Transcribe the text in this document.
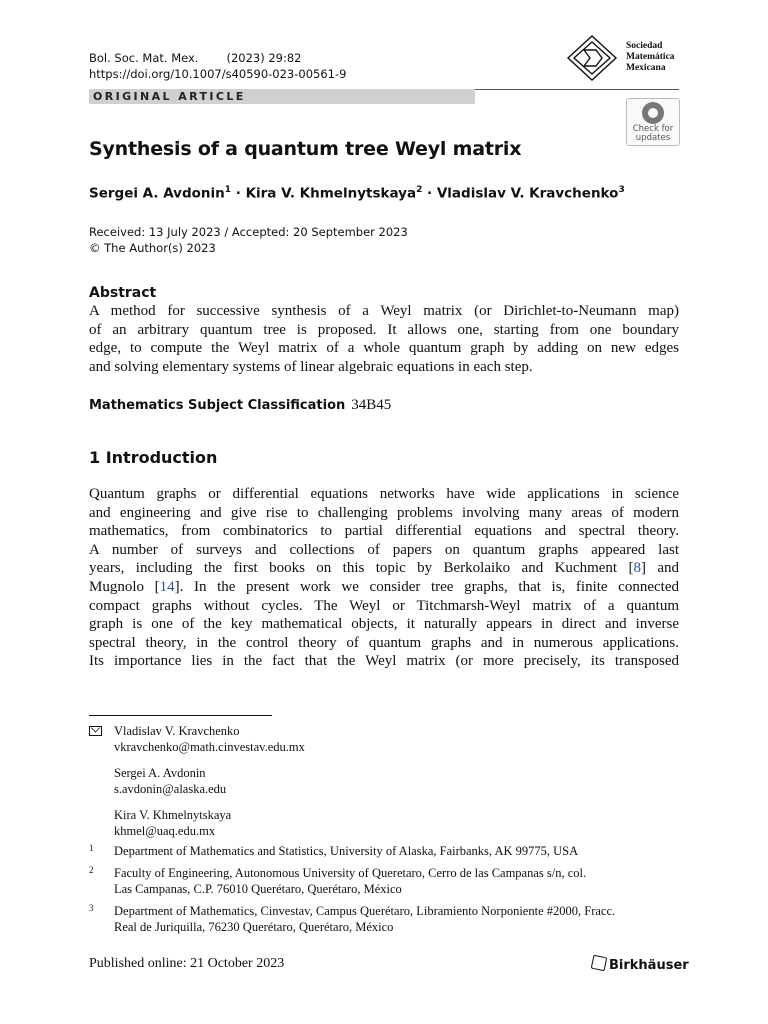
Bol. Soc. Mat. Mex. (2023) 29:82
https://doi.org/10.1007/s40590-023-00561-9
Sociedad
Matemática
Mexicana
ORIGINAL ARTICLE
Check for
updates
Synthesis of a quantum tree Weyl matrix
Sergei A. Avdonin$^1$ · Kira V. Khmelnytskaya$^2$ · Vladislav V. Kravchenko$^3$
Received: 13 July 2023 / Accepted: 20 September 2023
© The Author(s) 2023
Abstract
A method for successive synthesis of a Weyl matrix (or Dirichlet-to-Neumann map)
of an arbitrary quantum tree is proposed. It allows one, starting from one boundary
edge, to compute the Weyl matrix of a whole quantum graph by adding on new edges
and solving elementary systems of linear algebraic equations in each step.
Mathematics Subject Classification 34B45
1 Introduction
Quantum graphs or differential equations networks have wide applications in science
and engineering and give rise to challenging problems involving many areas of modern
mathematics, from combinatorics to partial differential equations and spectral theory.
A number of surveys and collections of papers on quantum graphs appeared last
years, including the first books on this topic by Berkolaiko and Kuchment [8] and
Mugnolo [14]. In the present work we consider tree graphs, that is, finite connected
compact graphs without cycles. The Weyl or Titchmarsh-Weyl matrix of a quantum
graph is one of the key mathematical objects, it naturally appears in direct and inverse
spectral theory, in the control theory of quantum graphs and in numerous applications.
Its importance lies in the fact that the Weyl matrix (or more precisely, its transposed
Vladislav V. Kravchenko
vkravchenko@math.cinvestav.edu.mx
Sergei A. Avdonin
s.avdonin@alaska.edu
Kira V. Khmelnytskaya
khmel@uaq.edu.mx
1 Department of Mathematics and Statistics, University of Alaska, Fairbanks, AK 99775, USA
2 Faculty of Engineering, Autonomous University of Queretaro, Cerro de las Campanas s/n, col.
Las Campanas, C.P. 76010 Querétaro, Querétaro, México
3 Department of Mathematics, Cinvestav, Campus Querétaro, Libramiento Norponiente #2000, Fracc.
Real de Juriquilla, 76230 Querétaro, Querétaro, México
Published online: 21 October 2023	Birkhäuser
